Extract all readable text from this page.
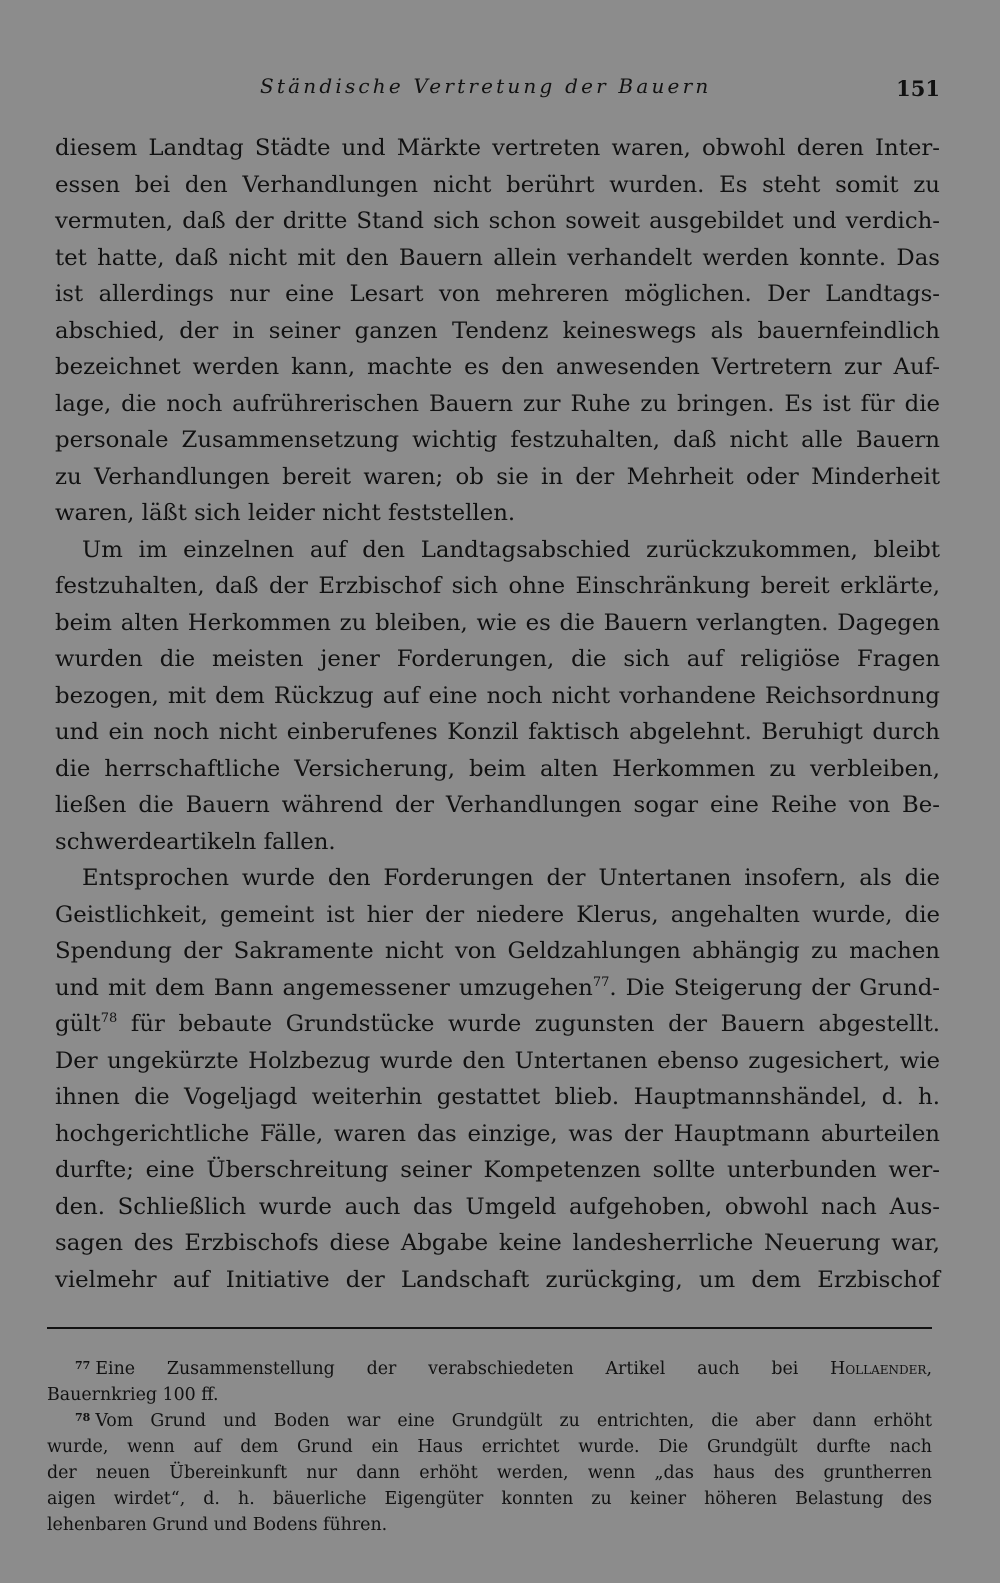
Ständische Vertretung der Bauern	151
diesem Landtag Städte und Märkte vertreten waren, obwohl deren Inter-
essen bei den Verhandlungen nicht berührt wurden. Es steht somit zu
vermuten, daß der dritte Stand sich schon soweit ausgebildet und verdich-
tet hatte, daß nicht mit den Bauern allein verhandelt werden konnte. Das
ist allerdings nur eine Lesart von mehreren möglichen. Der Landtags-
abschied, der in seiner ganzen Tendenz keineswegs als bauernfeindlich
bezeichnet werden kann, machte es den anwesenden Vertretern zur Auf-
lage, die noch aufrührerischen Bauern zur Ruhe zu bringen. Es ist für die
personale Zusammensetzung wichtig festzuhalten, daß nicht alle Bauern
zu Verhandlungen bereit waren; ob sie in der Mehrheit oder Minderheit
waren, läßt sich leider nicht feststellen.
Um im einzelnen auf den Landtagsabschied zurückzukommen, bleibt
festzuhalten, daß der Erzbischof sich ohne Einschränkung bereit erklärte,
beim alten Herkommen zu bleiben, wie es die Bauern verlangten. Dagegen
wurden die meisten jener Forderungen, die sich auf religiöse Fragen
bezogen, mit dem Rückzug auf eine noch nicht vorhandene Reichsordnung
und ein noch nicht einberufenes Konzil faktisch abgelehnt. Beruhigt durch
die herrschaftliche Versicherung, beim alten Herkommen zu verbleiben,
ließen die Bauern während der Verhandlungen sogar eine Reihe von Be-
schwerdeartikeln fallen.
Entsprochen wurde den Forderungen der Untertanen insofern, als die
Geistlichkeit, gemeint ist hier der niedere Klerus, angehalten wurde, die
Spendung der Sakramente nicht von Geldzahlungen abhängig zu machen
und mit dem Bann angemessener umzugehen$^{77}$. Die Steigerung der Grund-
gült$^{78}$ für bebaute Grundstücke wurde zugunsten der Bauern abgestellt.
Der ungekürzte Holzbezug wurde den Untertanen ebenso zugesichert, wie
ihnen die Vogeljagd weiterhin gestattet blieb. Hauptmannshändel, d. h.
hochgerichtliche Fälle, waren das einzige, was der Hauptmann aburteilen
durfte; eine Überschreitung seiner Kompetenzen sollte unterbunden wer-
den. Schließlich wurde auch das Umgeld aufgehoben, obwohl nach Aus-
sagen des Erzbischofs diese Abgabe keine landesherrliche Neuerung war,
vielmehr auf Initiative der Landschaft zurückging, um dem Erzbischof
$^{77}$ Eine Zusammenstellung der verabschiedeten Artikel auch bei Hollaender,
Bauernkrieg 100 ff.
$^{78}$ Vom Grund und Boden war eine Grundgült zu entrichten, die aber dann erhöht
wurde, wenn auf dem Grund ein Haus errichtet wurde. Die Grundgült durfte nach
der neuen Übereinkunft nur dann erhöht werden, wenn „das haus des gruntherren
aigen wirdet“, d. h. bäuerliche Eigengüter konnten zu keiner höheren Belastung des
lehenbaren Grund und Bodens führen.
